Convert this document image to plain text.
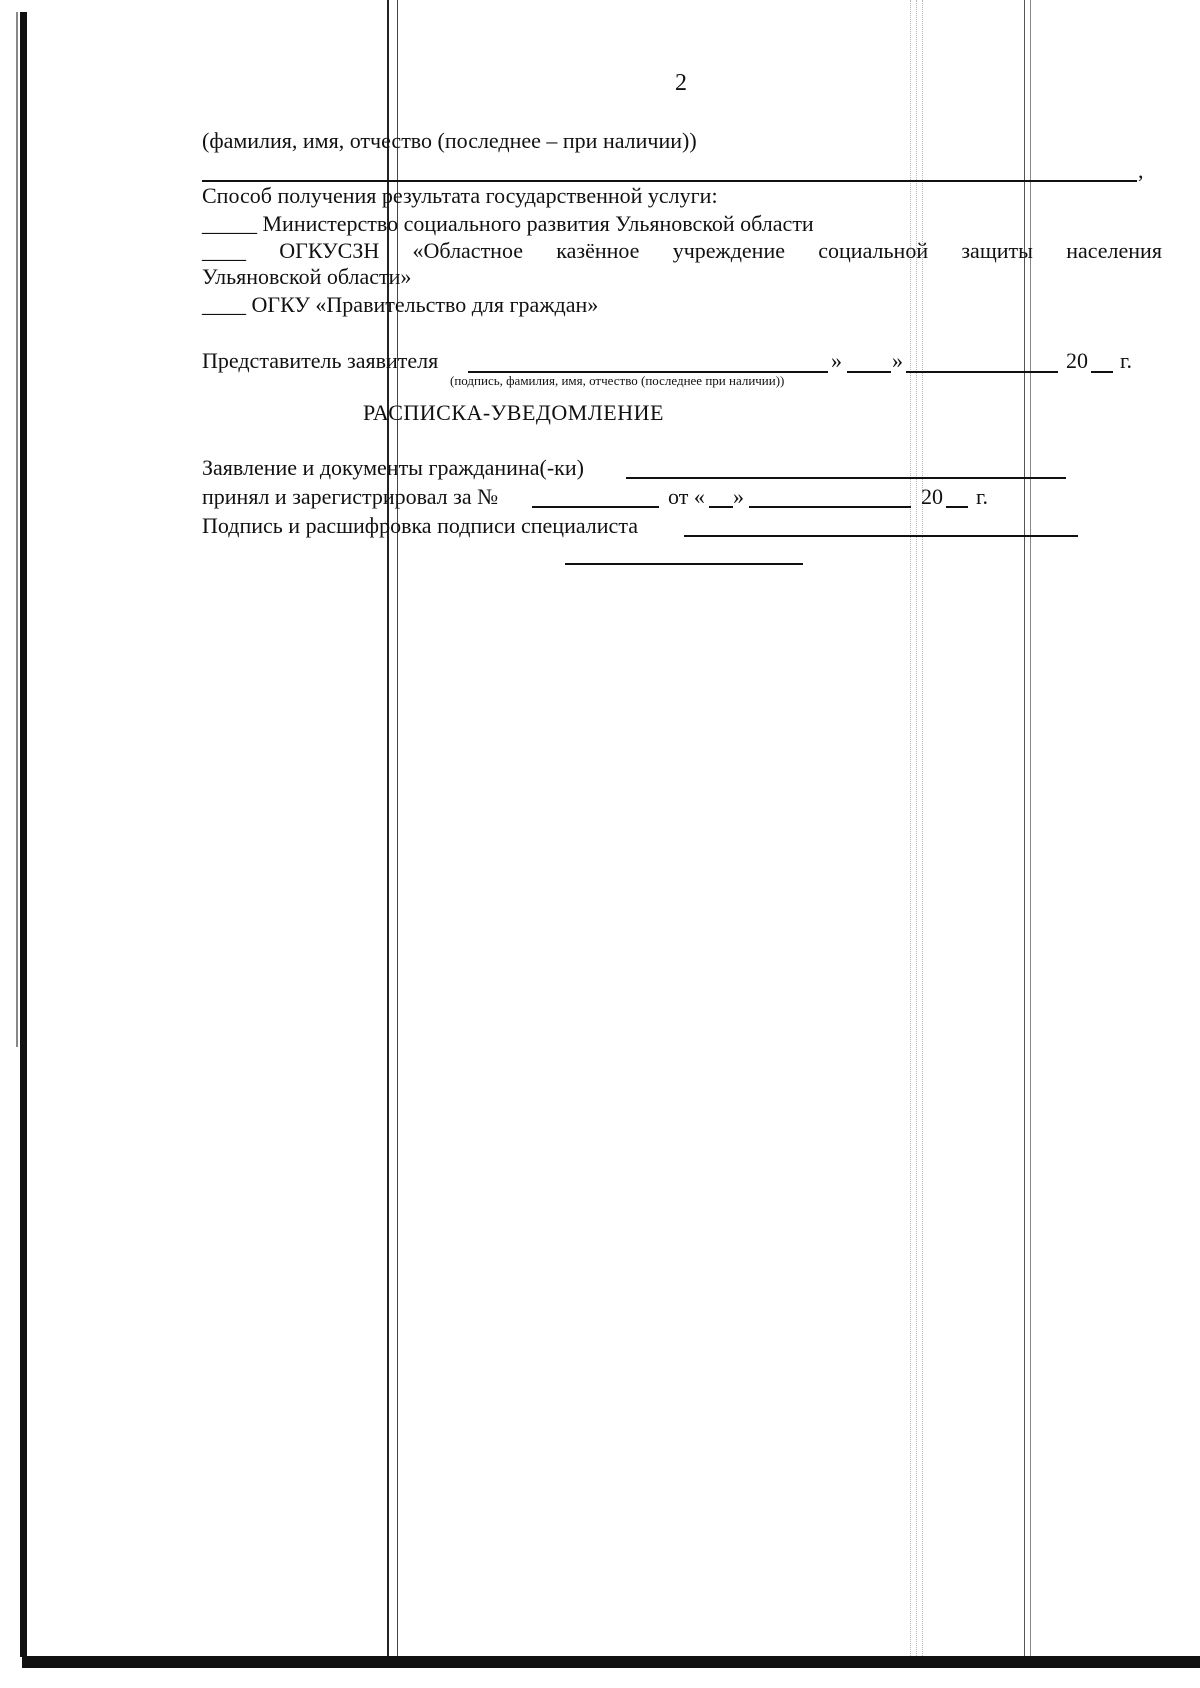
2
(фамилия, имя, отчество (последнее – при наличии))
,
Способ получения результата государственной услуги:
_____ Министерство социального развития Ульяновской области
____ ОГКУСЗН «Областное казённое учреждение социальной защиты населения
Ульяновской области»
____ ОГКУ «Правительство для граждан»
Представитель заявителя	» »	20 г.
(подпись, фамилия, имя, отчество (последнее при наличии))
РАСПИСКА-УВЕДОМЛЕНИЕ
Заявление и документы гражданина(-ки)
принял и зарегистрировал за №	от « »	20 г.
Подпись и расшифровка подписи специалиста
